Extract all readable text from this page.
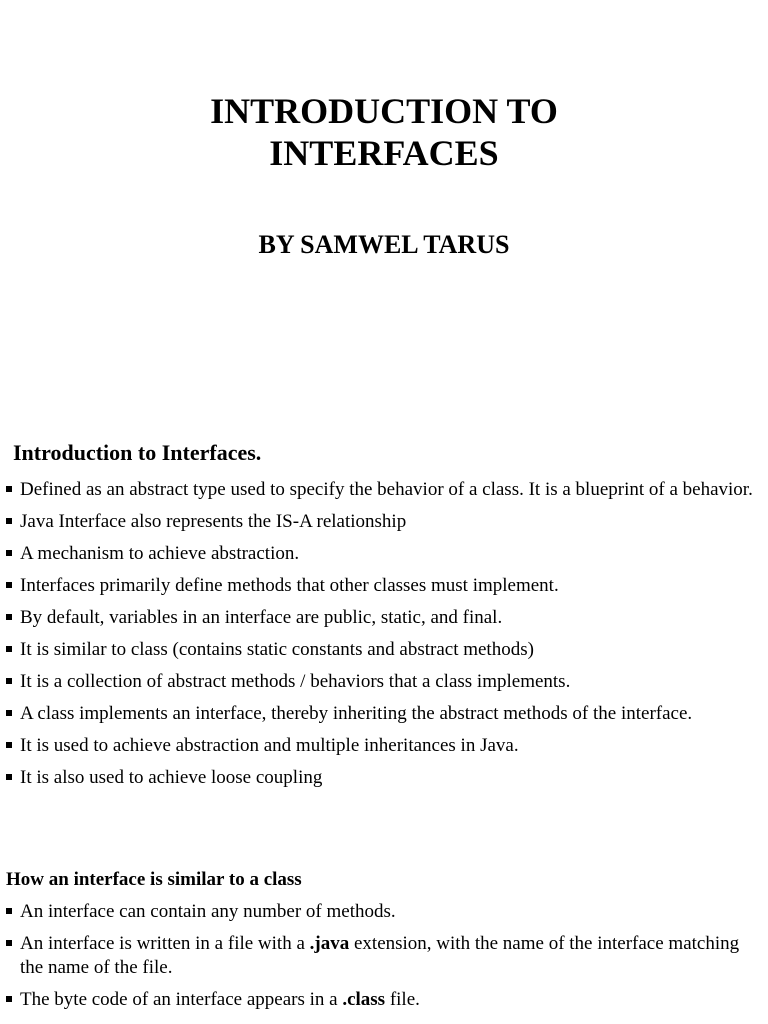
INTRODUCTION TO
INTERFACES
BY SAMWEL TARUS
Introduction to Interfaces.
Defined as an abstract type used to specify the behavior of a class. It is a blueprint of a behavior.
Java Interface also represents the IS-A relationship
A mechanism to achieve abstraction.
Interfaces primarily define methods that other classes must implement.
By default, variables in an interface are public, static, and final.
It is similar to class (contains static constants and abstract methods)
It is a collection of abstract methods / behaviors that a class implements.
A class implements an interface, thereby inheriting the abstract methods of the interface.
It is used to achieve abstraction and multiple inheritances in Java.
It is also used to achieve loose coupling
How an interface is similar to a class
An interface can contain any number of methods.
An interface is written in a file with a .java extension, with the name of the interface matching the name of the file.
The byte code of an interface appears in a .class file.
